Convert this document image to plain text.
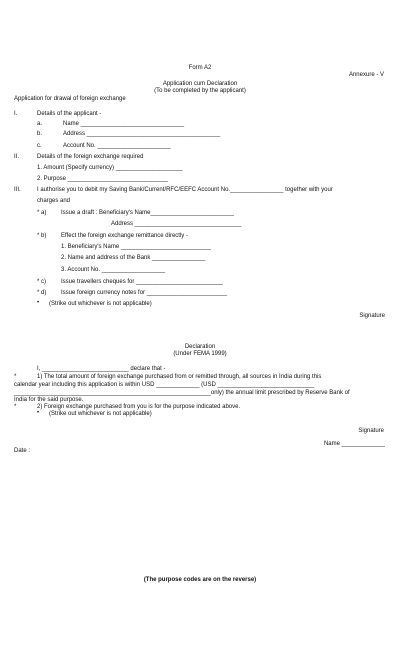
Form A2
Annexure - V
Application cum Declaration
(To be completed by the applicant)
Application for drawal of foreign exchange
I.	Details of the applicant -
a.	Name _______________________________
b.	Address ________________________________________
c.	Account No. ______________________
II.	Details of the foreign exchange required
1. Amount (Specify currency) ____________________
2. Purpose ______________________________
III.	I authorise you to debit my Saving Bank/Current/RFC/EEFC Account No.________________ together with your
charges and
* a) Issue a draft : Beneficiary's Name_________________________
Address ________________________________
* b) Effect the foreign exchange remittance directly -
1. Beneficiary's Name ___________________________
2. Name and address of the Bank ________________
3. Account No. ___________________
* c)	Issue travellers cheques for __________________________
* d) Issue foreign currency notes for ________________________
• (Strike out whichever is not applicable)
Signature
Declaration
(Under FEMA 1999)
I, __________________________ declare that -
*	1) The total amount of foreign exchange purchased from or remitted through, all sources in India during this
calendar year including this application is within USD _____________ (USD _____________________________
___________________________________________________________only) the annual limit prescribed by Reserve Bank of
India for the said purpose.
*	2) Foreign exchange purchased from you is for the purpose indicated above.
• (Strike out whichever is not applicable)
Signature
Name _____________
Date :
(The purpose codes are on the reverse)
